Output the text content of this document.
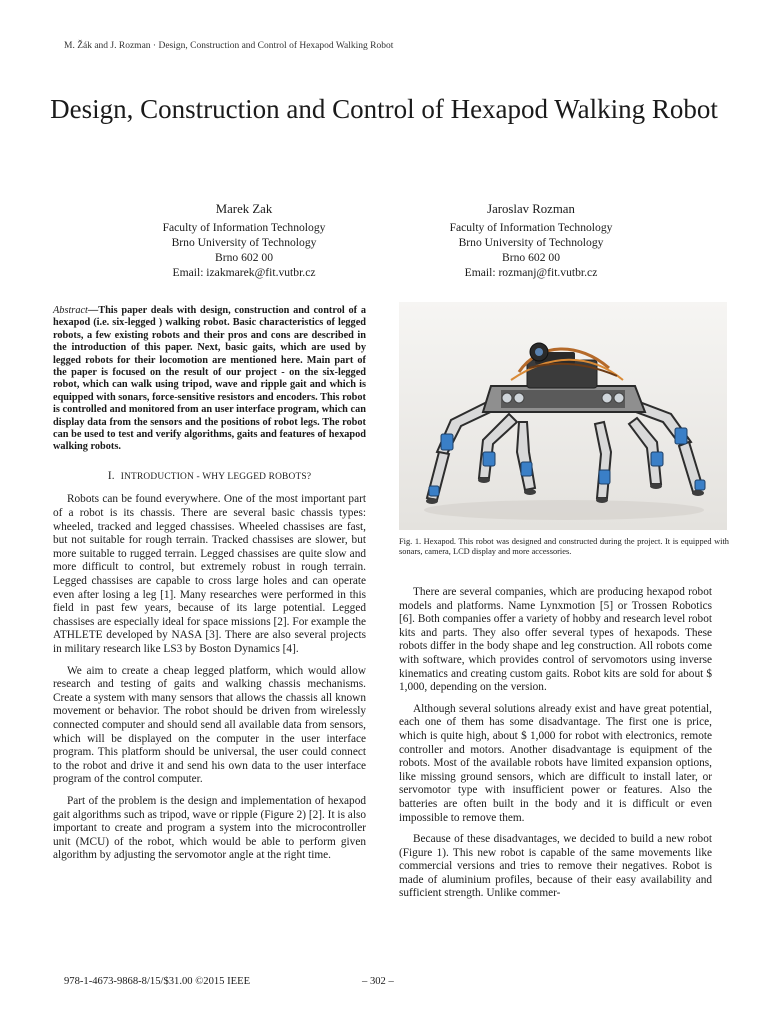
M. Žák and J. Rozman · Design, Construction and Control of Hexapod Walking Robot
Design, Construction and Control of Hexapod Walking Robot
Marek Zak
Faculty of Information Technology
Brno University of Technology
Brno 602 00
Email: izakmarek@fit.vutbr.cz
Jaroslav Rozman
Faculty of Information Technology
Brno University of Technology
Brno 602 00
Email: rozmanj@fit.vutbr.cz
Abstract—This paper deals with design, construction and control of a hexapod (i.e. six-legged ) walking robot. Basic characteristics of legged robots, a few existing robots and their pros and cons are described in the introduction of this paper. Next, basic gaits, which are used by legged robots for their locomotion are mentioned here. Main part of the paper is focused on the result of our project - on the six-legged robot, which can walk using tripod, wave and ripple gait and which is equipped with sonars, force-sensitive resistors and encoders. This robot is controlled and monitored from an user interface program, which can display data from the sensors and the positions of robot legs. The robot can be used to test and verify algorithms, gaits and features of hexapod walking robots.
I. INTRODUCTION - WHY LEGGED ROBOTS?

Robots can be found everywhere. One of the most important part of a robot is its chassis. There are several basic chassis types: wheeled, tracked and legged chassises. Wheeled chassises are fast, but not suitable for rough terrain. Tracked chassises are slower, but more suitable to rugged terrain. Legged chassises are quite slow and more difficult to control, but extremely robust in rough terrain. Legged chassises are capable to cross large holes and can operate even after losing a leg [1]. Many researches were performed in this field in past few years, because of its large potential. Legged chassises are especially ideal for space missions [2]. For example the ATHLETE developed by NASA [3]. There are also several projects in military research like LS3 by Boston Dynamics [4].

We aim to create a cheap legged platform, which would allow research and testing of gaits and walking chassis mechanisms. Create a system with many sensors that allows the chassis all known movement or behavior. The robot should be driven from wirelessly connected computer and should send all available data from sensors, which will be displayed on the computer in the user interface program. This platform should be universal, the user could connect to the robot and drive it and send his own data to the user interface program of the control computer.

Part of the problem is the design and implementation of hexapod gait algorithms such as tripod, wave or ripple (Figure 2) [2]. It is also important to create and program a system into the microcontroller unit (MCU) of the robot, which would be able to perform given algorithm by adjusting the servomotor angle at the right time.

Fig. 1. Hexapod. This robot was designed and constructed during the project. It is equipped with sonars, camera, LCD display and more accessories.

There are several companies, which are producing hexapod robot models and platforms. Name Lynxmotion [5] or Trossen Robotics [6]. Both companies offer a variety of hobby and research level robot kits and parts. They also offer several types of hexapods. These robots differ in the body shape and leg construction. All robots come with software, which provides control of servomotors using inverse kinematics and creating custom gaits. Robot kits are sold for about $ 1,000, depending on the version.

Although several solutions already exist and have great potential, each one of them has some disadvantage. The first one is price, which is quite high, about $ 1,000 for robot with electronics, remote controller and motors. Another disadvantage is equipment of the robots. Most of the available robots have limited expansion options, like missing ground sensors, which are difficult to install later, or servomotor type with insufficient power or features. Also the batteries are often built in the body and it is difficult or even impossible to remove them.

Because of these disadvantages, we decided to build a new robot (Figure 1). This new robot is capable of the same movements like commercial versions and tries to remove their negatives. Robot is made of aluminium profiles, because of their easy availability and sufficient strength. Unlike commer-

978-1-4673-9868-8/15/$31.00 ©2015 IEEE	– 302 –
